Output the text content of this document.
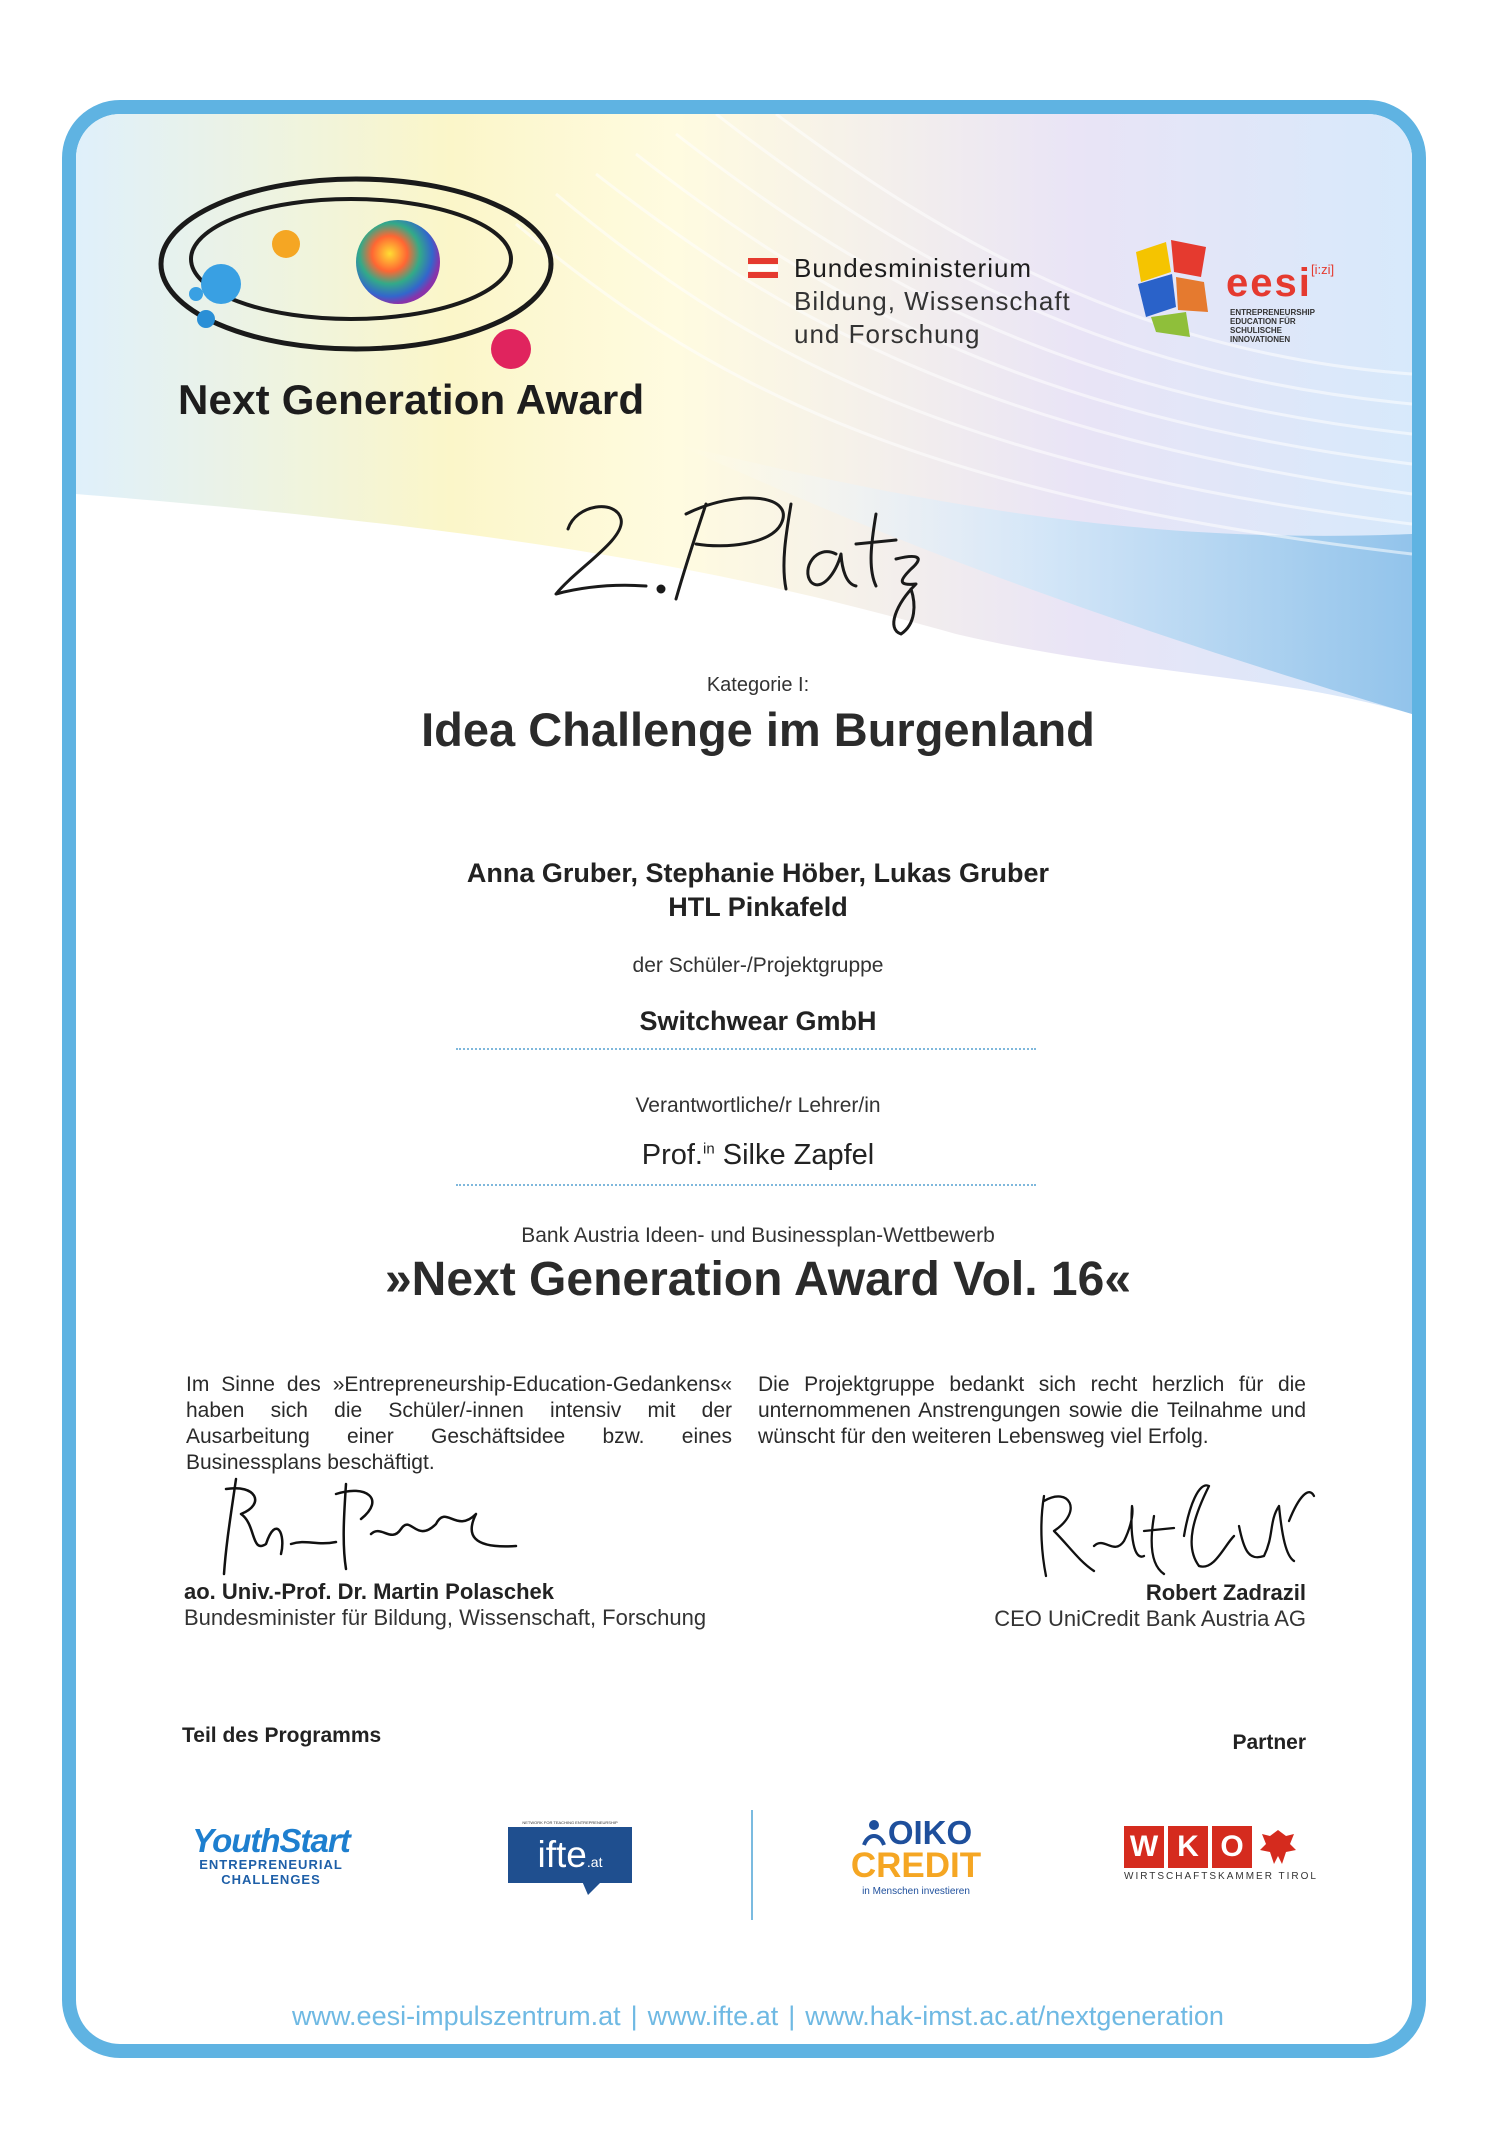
Next Generation Award
Bundesministerium
Bildung, Wissenschaft
und Forschung
eesi [i:zi]
ENTREPRENEURSHIP
EDUCATION FÜR
SCHULISCHE
INNOVATIONEN
Kategorie I:
Idea Challenge im Burgenland
Anna Gruber, Stephanie Höber, Lukas Gruber
HTL Pinkafeld
der Schüler-/Projektgruppe
Switchwear GmbH
Verantwortliche/r Lehrer/in
Prof.$^{in}$ Silke Zapfel
Bank Austria Ideen- und Businessplan-Wettbewerb
»Next Generation Award Vol. 16«
Im Sinne des »Entrepreneurship-Education-Gedankens« haben sich die Schüler/-innen intensiv mit der Ausarbeitung einer Geschäftsidee bzw. eines Businessplans beschäftigt.
Die Projektgruppe bedankt sich recht herzlich für die unternommenen Anstrengungen sowie die Teilnahme und wünscht für den weiteren Lebensweg viel Erfolg.
ao. Univ.-Prof. Dr. Martin Polaschek
Bundesminister für Bildung, Wissenschaft, Forschung
Robert Zadrazil
CEO UniCredit Bank Austria AG
Teil des Programms	Partner
YouthStart
ENTREPRENEURIAL
CHALLENGES
NETWORK FOR TEACHING ENTREPRENEURSHIP
ifte .at
OIKO
CREDIT
in Menschen investieren
W K O
WIRTSCHAFTSKAMMER TIROL
www.eesi-impulszentrum.at | www.ifte.at | www.hak-imst.ac.at/nextgeneration
